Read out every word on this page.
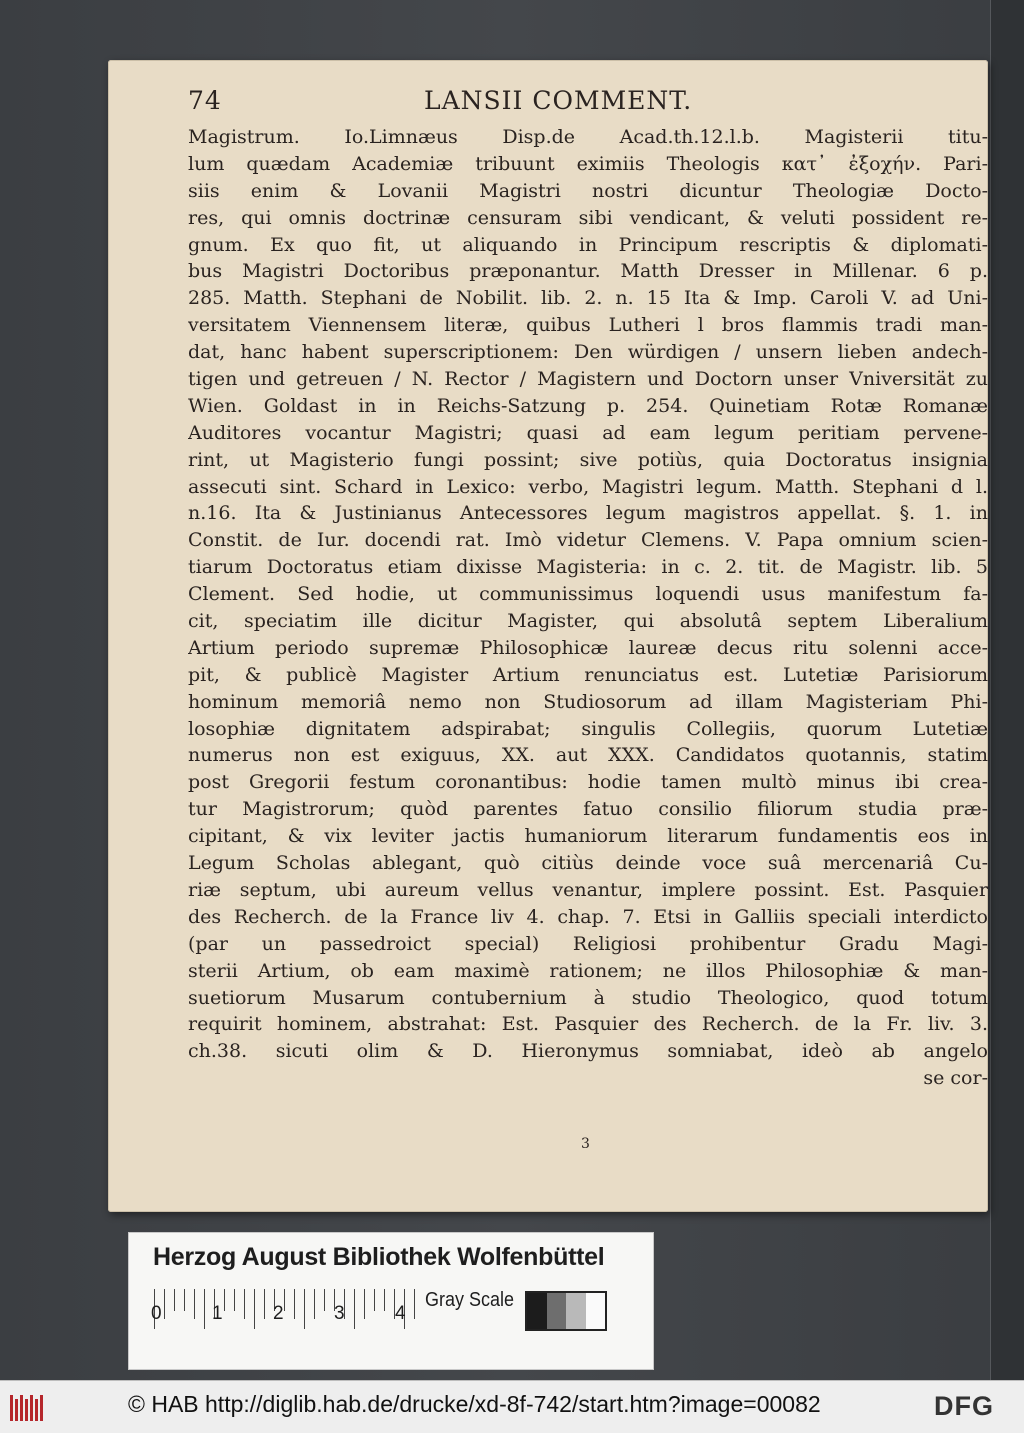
74	LANSII COMMENT.
Magistrum. Io.Limnæus Disp.de Acad.th.12.l.b. Magisterii titu-
lum quædam Academiæ tribuunt eximiis Theologis κατ᾽ ἐξοχήν. Pari-
siis enim & Lovanii Magistri nostri dicuntur Theologiæ Docto-
res, qui omnis doctrinæ censuram sibi vendicant, & veluti possident re-
gnum. Ex quo fit, ut aliquando in Principum rescriptis & diplomati-
bus Magistri Doctoribus præponantur. Matth Dresser in Millenar. 6 p.
285. Matth. Stephani de Nobilit. lib. 2. n. 15 Ita & Imp. Caroli V. ad Uni-
versitatem Viennensem literæ, quibus Lutheri l bros flammis tradi man-
dat, hanc habent superscriptionem: Den würdigen / unsern lieben andech-
tigen und getreuen / N. Rector / Magistern und Doctorn unser Vniversität zu
Wien. Goldast in in Reichs-Satzung p. 254. Quinetiam Rotæ Romanæ
Auditores vocantur Magistri; quasi ad eam legum peritiam pervene-
rint, ut Magisterio fungi possint; sive potiùs, quia Doctoratus insignia
assecuti sint. Schard in Lexico: verbo, Magistri legum. Matth. Stephani d l.
n.16. Ita & Justinianus Antecessores legum magistros appellat. §. 1. in
Constit. de Iur. docendi rat. Imò videtur Clemens. V. Papa omnium scien-
tiarum Doctoratus etiam dixisse Magisteria: in c. 2. tit. de Magistr. lib. 5
Clement. Sed hodie, ut communissimus loquendi usus manifestum fa-
cit, speciatim ille dicitur Magister, qui absolutâ septem Liberalium
Artium periodo supremæ Philosophicæ laureæ decus ritu solenni acce-
pit, & publicè Magister Artium renunciatus est. Lutetiæ Parisiorum
hominum memoriâ nemo non Studiosorum ad illam Magisteriam Phi-
losophiæ dignitatem adspirabat; singulis Collegiis, quorum Lutetiæ
numerus non est exiguus, XX. aut XXX. Candidatos quotannis, statim
post Gregorii festum coronantibus: hodie tamen multò minus ibi crea-
tur Magistrorum; quòd parentes fatuo consilio filiorum studia præ-
cipitant, & vix leviter jactis humaniorum literarum fundamentis eos in
Legum Scholas ablegant, quò citiùs deinde voce suâ mercenariâ Cu-
riæ septum, ubi aureum vellus venantur, implere possint. Est. Pasquier
des Recherch. de la France liv 4. chap. 7. Etsi in Galliis speciali interdicto
(par un passedroict special) Religiosi prohibentur Gradu Magi-
sterii Artium, ob eam maximè rationem; ne illos Philosophiæ & man-
suetiorum Musarum contubernium à studio Theologico, quod totum
requirit hominem, abstrahat: Est. Pasquier des Recherch. de la Fr. liv. 3.
ch.38. sicuti olim & D. Hieronymus somniabat, ideò ab angelo
se cor-
3
Herzog August Bibliothek Wolfenbüttel
Gray Scale
0	1	2	3	4
© HAB http://diglib.hab.de/drucke/xd-8f-742/start.htm?image=00082	DFG
